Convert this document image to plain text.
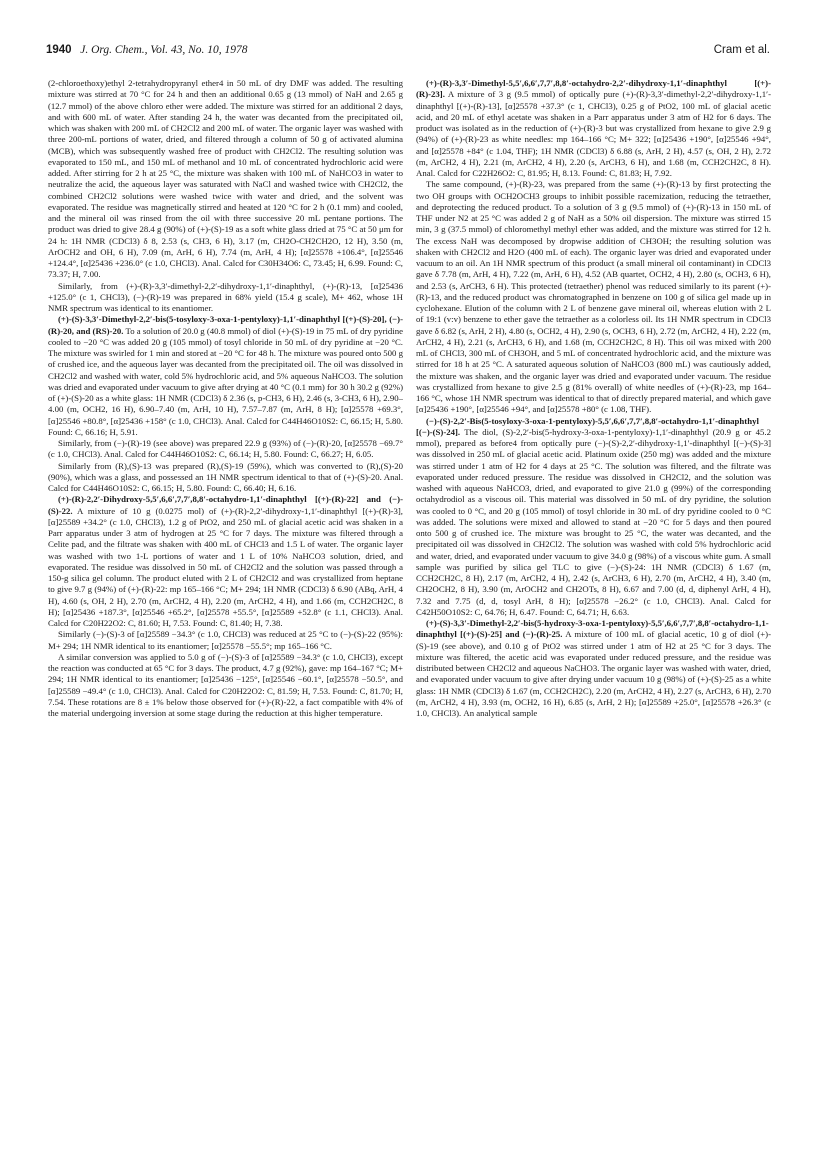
1940 J. Org. Chem., Vol. 43, No. 10, 1978	Cram et al.

(2-chloroethoxy)ethyl 2-tetrahydropyranyl ether4 in 50 mL of dry DMF was added. The resulting mixture was stirred at 70 °C for 24 h and then an additional 0.65 g (13 mmol) of NaH and 2.65 g (12.7 mmol) of the above chloro ether were added. The mixture was stirred for an additional 2 days, and with 600 mL of water. After standing 24 h, the water was decanted from the precipitated oil, which was shaken with 200 mL of CH2Cl2 and 200 mL of water. The organic layer was washed with three 200-mL portions of water, dried, and filtered through a column of 50 g of activated alumina (MCB), which was subsequently washed free of product with CH2Cl2. The resulting solution was evaporated to 150 mL, and 150 mL of methanol and 10 mL of concentrated hydrochloric acid were added. After stirring for 2 h at 25 °C, the mixture was shaken with 100 mL of NaHCO3 in water to neutralize the acid, the aqueous layer was saturated with NaCl and washed twice with CH2Cl2, the combined CH2Cl2 solutions were washed twice with water and dried, and the solvent was evaporated. The residue was magnetically stirred and heated at 120 °C for 2 h (0.1 mm) and cooled, and the mineral oil was rinsed from the oil with three successive 20 mL pentane portions. The product was dried to give 28.4 g (90%) of (+)-(S)-19 as a soft white glass dried at 75 °C at 50 μm for 24 h: 1H NMR (CDCl3) δ 8, 2.53 (s, CH3, 6 H), 3.17 (m, CH2O-CH2CH2O, 12 H), 3.50 (m, ArOCH2 and OH, 6 H), 7.09 (m, ArH, 6 H), 7.74 (m, ArH, 4 H); [α]25578 +106.4°, [α]25546 +124.4°, [α]25436 +236.0° (c 1.0, CHCl3). Anal. Calcd for C30H34O6: C, 73.45; H, 6.99. Found: C, 73.37; H, 7.00.

Similarly, from (+)-(R)-3,3′-dimethyl-2,2′-dihydroxy-1,1′-dinaphthyl, (+)-(R)-13, [α]25436 +125.0° (c 1, CHCl3), (−)-(R)-19 was prepared in 68% yield (15.4 g scale), M+ 462, whose 1H NMR spectrum was identical to its enantiomer.

(+)-(S)-3,3′-Dimethyl-2,2′-bis(5-tosyloxy-3-oxa-1-pentyloxy)-1,1′-dinaphthyl [(+)-(S)-20], (−)-(R)-20, and (RS)-20. To a solution of 20.0 g (40.8 mmol) of diol (+)-(S)-19 in 75 mL of dry pyridine cooled to −20 °C was added 20 g (105 mmol) of tosyl chloride in 50 mL of dry pyridine at −20 °C. The mixture was swirled for 1 min and stored at −20 °C for 48 h. The mixture was poured onto 500 g of crushed ice, and the aqueous layer was decanted from the precipitated oil. The oil was dissolved in CH2Cl2 and washed with water, cold 5% hydrochloric acid, and 5% aqueous NaHCO3. The solution was dried and evaporated under vacuum to give after drying at 40 °C (0.1 mm) for 30 h 30.2 g (92%) of (+)-(S)-20 as a white glass: 1H NMR (CDCl3) δ 2.36 (s, p-CH3, 6 H), 2.46 (s, 3-CH3, 6 H), 2.90–4.00 (m, OCH2, 16 H), 6.90–7.40 (m, ArH, 10 H), 7.57–7.87 (m, ArH, 8 H); [α]25578 +69.3°, [α]25546 +80.8°, [α]25436 +158° (c 1.0, CHCl3). Anal. Calcd for C44H46O10S2: C, 66.15; H, 5.80. Found: C, 66.16; H, 5.91.

Similarly, from (−)-(R)-19 (see above) was prepared 22.9 g (93%) of (−)-(R)-20, [α]25578 −69.7° (c 1.0, CHCl3). Anal. Calcd for C44H46O10S2: C, 66.14; H, 5.80. Found: C, 66.27; H, 6.05.

Similarly from (R),(S)-13 was prepared (R),(S)-19 (59%), which was converted to (R),(S)-20 (90%), which was a glass, and possessed an 1H NMR spectrum identical to that of (+)-(S)-20. Anal. Calcd for C44H46O10S2: C, 66.15; H, 5.80. Found: C, 66.40; H, 6.16.

(+)-(R)-2,2′-Dihydroxy-5,5′,6,6′,7,7′,8,8′-octahydro-1,1′-dinaphthyl [(+)-(R)-22] and (−)-(S)-22. A mixture of 10 g (0.0275 mol) of (+)-(R)-2,2′-dihydroxy-1,1′-dinaphthyl [(+)-(R)-3], [α]25589 +34.2° (c 1.0, CHCl3), 1.2 g of PtO2, and 250 mL of glacial acetic acid was shaken in a Parr apparatus under 3 atm of hydrogen at 25 °C for 7 days. The mixture was filtered through a Celite pad, and the filtrate was shaken with 400 mL of CHCl3 and 1.5 L of water. The organic layer was washed with two 1-L portions of water and 1 L of 10% NaHCO3 solution, dried, and evaporated. The residue was dissolved in 50 mL of CH2Cl2 and the solution was passed through a 150-g silica gel column. The product eluted with 2 L of CH2Cl2 and was crystallized from heptane to give 9.7 g (94%) of (+)-(R)-22: mp 165–166 °C; M+ 294; 1H NMR (CDCl3) δ 6.90 (ABq, ArH, 4 H), 4.60 (s, OH, 2 H), 2.70 (m, ArCH2, 4 H), 2.20 (m, ArCH2, 4 H), and 1.66 (m, CCH2CH2C, 8 H); [α]25436 +187.3°, [α]25546 +65.2°, [α]25578 +55.5°, [α]25589 +52.8° (c 1.1, CHCl3). Anal. Calcd for C20H22O2: C, 81.60; H, 7.53. Found: C, 81.40; H, 7.38.

Similarly (−)-(S)-3 of [α]25589 −34.3° (c 1.0, CHCl3) was reduced at 25 °C to (−)-(S)-22 (95%): M+ 294; 1H NMR identical to its enantiomer; [α]25578 −55.5°; mp 165–166 °C.

A similar conversion was applied to 5.0 g of (−)-(S)-3 of [α]25589 −34.3° (c 1.0, CHCl3), except the reaction was conducted at 65 °C for 3 days. The product, 4.7 g (92%), gave: mp 164–167 °C; M+ 294; 1H NMR identical to its enantiomer; [α]25436 −125°, [α]25546 −60.1°, [α]25578 −50.5°, and [α]25589 −49.4° (c 1.0, CHCl3). Anal. Calcd for C20H22O2: C, 81.59; H, 7.53. Found: C, 81.70; H, 7.54. These rotations are 8 ± 1% below those observed for (+)-(R)-22, a fact compatible with 4% of the material undergoing inversion at some stage during the reduction at this higher temperature.

(+)-(R)-3,3′-Dimethyl-5,5′,6,6′,7,7′,8,8′-octahydro-2,2′-dihydroxy-1,1′-dinaphthyl [(+)-(R)-23]. A mixture of 3 g (9.5 mmol) of optically pure (+)-(R)-3,3′-dimethyl-2,2′-dihydroxy-1,1′-dinaphthyl [(+)-(R)-13], [α]25578 +37.3° (c 1, CHCl3), 0.25 g of PtO2, 100 mL of glacial acetic acid, and 20 mL of ethyl acetate was shaken in a Parr apparatus under 3 atm of H2 for 6 days. The product was isolated as in the reduction of (+)-(R)-3 but was crystallized from hexane to give 2.9 g (94%) of (+)-(R)-23 as white needles: mp 164–166 °C; M+ 322; [α]25436 +190°, [α]25546 +94°, and [α]25578 +84° (c 1.04, THF); 1H NMR (CDCl3) δ 6.88 (s, ArH, 2 H), 4.57 (s, OH, 2 H), 2.72 (m, ArCH2, 4 H), 2.21 (m, ArCH2, 4 H), 2.20 (s, ArCH3, 6 H), and 1.68 (m, CCH2CH2C, 8 H). Anal. Calcd for C22H26O2: C, 81.95; H, 8.13. Found: C, 81.83; H, 7.92.

The same compound, (+)-(R)-23, was prepared from the same (+)-(R)-13 by first protecting the two OH groups with OCH2OCH3 groups to inhibit possible racemization, reducing the tetraether, and deprotecting the reduced product. To a solution of 3 g (9.5 mmol) of (+)-(R)-13 in 150 mL of THF under N2 at 25 °C was added 2 g of NaH as a 50% oil dispersion. The mixture was stirred 15 min, 3 g (37.5 mmol) of chloromethyl methyl ether was added, and the mixture was stirred for 12 h. The excess NaH was decomposed by dropwise addition of CH3OH; the resulting solution was shaken with CH2Cl2 and H2O (400 mL of each). The organic layer was dried and evaporated under vacuum to an oil. An 1H NMR spectrum of this product (a small mineral oil contaminant) in CDCl3 gave δ 7.78 (m, ArH, 4 H), 7.22 (m, ArH, 6 H), 4.52 (AB quartet, OCH2, 4 H), 2.80 (s, OCH3, 6 H), and 2.53 (s, ArCH3, 6 H). This protected (tetraether) phenol was reduced similarly to its parent (+)-(R)-13, and the reduced product was chromatographed in benzene on 100 g of silica gel made up in cyclohexane. Elution of the column with 2 L of benzene gave mineral oil, whereas elution with 2 L of 19:1 (v:v) benzene to ether gave the tetraether as a colorless oil. Its 1H NMR spectrum in CDCl3 gave δ 6.82 (s, ArH, 2 H), 4.80 (s, OCH2, 4 H), 2.90 (s, OCH3, 6 H), 2.72 (m, ArCH2, 4 H), 2.22 (m, ArCH2, 4 H), 2.21 (s, ArCH3, 6 H), and 1.68 (m, CCH2CH2C, 8 H). This oil was mixed with 200 mL of CHCl3, 300 mL of CH3OH, and 5 mL of concentrated hydrochloric acid, and the mixture was stirred for 18 h at 25 °C. A saturated aqueous solution of NaHCO3 (800 mL) was cautiously added, the mixture was shaken, and the organic layer was dried and evaporated under vacuum. The residue was crystallized from hexane to give 2.5 g (81% overall) of white needles of (+)-(R)-23, mp 164–166 °C, whose 1H NMR spectrum was identical to that of directly prepared material, and which gave [α]25436 +190°, [α]25546 +94°, and [α]25578 +80° (c 1.08, THF).

(−)-(S)-2,2′-Bis(5-tosyloxy-3-oxa-1-pentyloxy)-5,5′,6,6′,7,7′,8,8′-octahydro-1,1′-dinaphthyl [(−)-(S)-24]. The diol, (S)-2,2′-bis(5-hydroxy-3-oxa-1-pentyloxy)-1,1′-dinaphthyl (20.9 g or 45.2 mmol), prepared as before4 from optically pure (−)-(S)-2,2′-dihydroxy-1,1′-dinaphthyl [(−)-(S)-3] was dissolved in 250 mL of glacial acetic acid. Platinum oxide (250 mg) was added and the mixture was stirred under 1 atm of H2 for 4 days at 25 °C. The solution was filtered, and the filtrate was evaporated under reduced pressure. The residue was dissolved in CH2Cl2, and the solution was washed with aqueous NaHCO3, dried, and evaporated to give 21.0 g (99%) of the corresponding octahydrodiol as a viscous oil. This material was dissolved in 50 mL of dry pyridine, the solution was cooled to 0 °C, and 20 g (105 mmol) of tosyl chloride in 30 mL of dry pyridine cooled to 0 °C was added. The solutions were mixed and allowed to stand at −20 °C for 5 days and then poured onto 500 g of crushed ice. The mixture was brought to 25 °C, the water was decanted, and the precipitated oil was dissolved in CH2Cl2. The solution was washed with cold 5% hydrochloric acid and water, dried, and evaporated under vacuum to give 34.0 g (98%) of a viscous white gum. A small sample was purified by silica gel TLC to give (−)-(S)-24: 1H NMR (CDCl3) δ 1.67 (m, CCH2CH2C, 8 H), 2.17 (m, ArCH2, 4 H), 2.42 (s, ArCH3, 6 H), 2.70 (m, ArCH2, 4 H), 3.40 (m, CH2OCH2, 8 H), 3.90 (m, ArOCH2 and CH2OTs, 8 H), 6.67 and 7.00 (d, d, diphenyl ArH, 4 H), 7.32 and 7.75 (d, d, tosyl ArH, 8 H); [α]25578 −26.2° (c 1.0, CHCl3). Anal. Calcd for C42H50O10S2: C, 64.76; H, 6.47. Found: C, 64.71; H, 6.63.

(+)-(S)-3,3′-Dimethyl-2,2′-bis(5-hydroxy-3-oxa-1-pentyloxy)-5,5′,6,6′,7,7′,8,8′-octahydro-1,1-dinaphthyl [(+)-(S)-25] and (−)-(R)-25. A mixture of 100 mL of glacial acetic, 10 g of diol (+)-(S)-19 (see above), and 0.10 g of PtO2 was stirred under 1 atm of H2 at 25 °C for 3 days. The mixture was filtered, the acetic acid was evaporated under reduced pressure, and the residue was distributed between CH2Cl2 and aqueous NaCHO3. The organic layer was washed with water, dried, and evaporated under vacuum to give after drying under vacuum 10 g (98%) of (+)-(S)-25 as a white glass: 1H NMR (CDCl3) δ 1.67 (m, CCH2CH2C), 2.20 (m, ArCH2, 4 H), 2.27 (s, ArCH3, 6 H), 2.70 (m, ArCH2, 4 H), 3.93 (m, OCH2, 16 H), 6.85 (s, ArH, 2 H); [α]25589 +25.0°, [α]25578 +26.3° (c 1.0, CHCl3). An analytical sample
